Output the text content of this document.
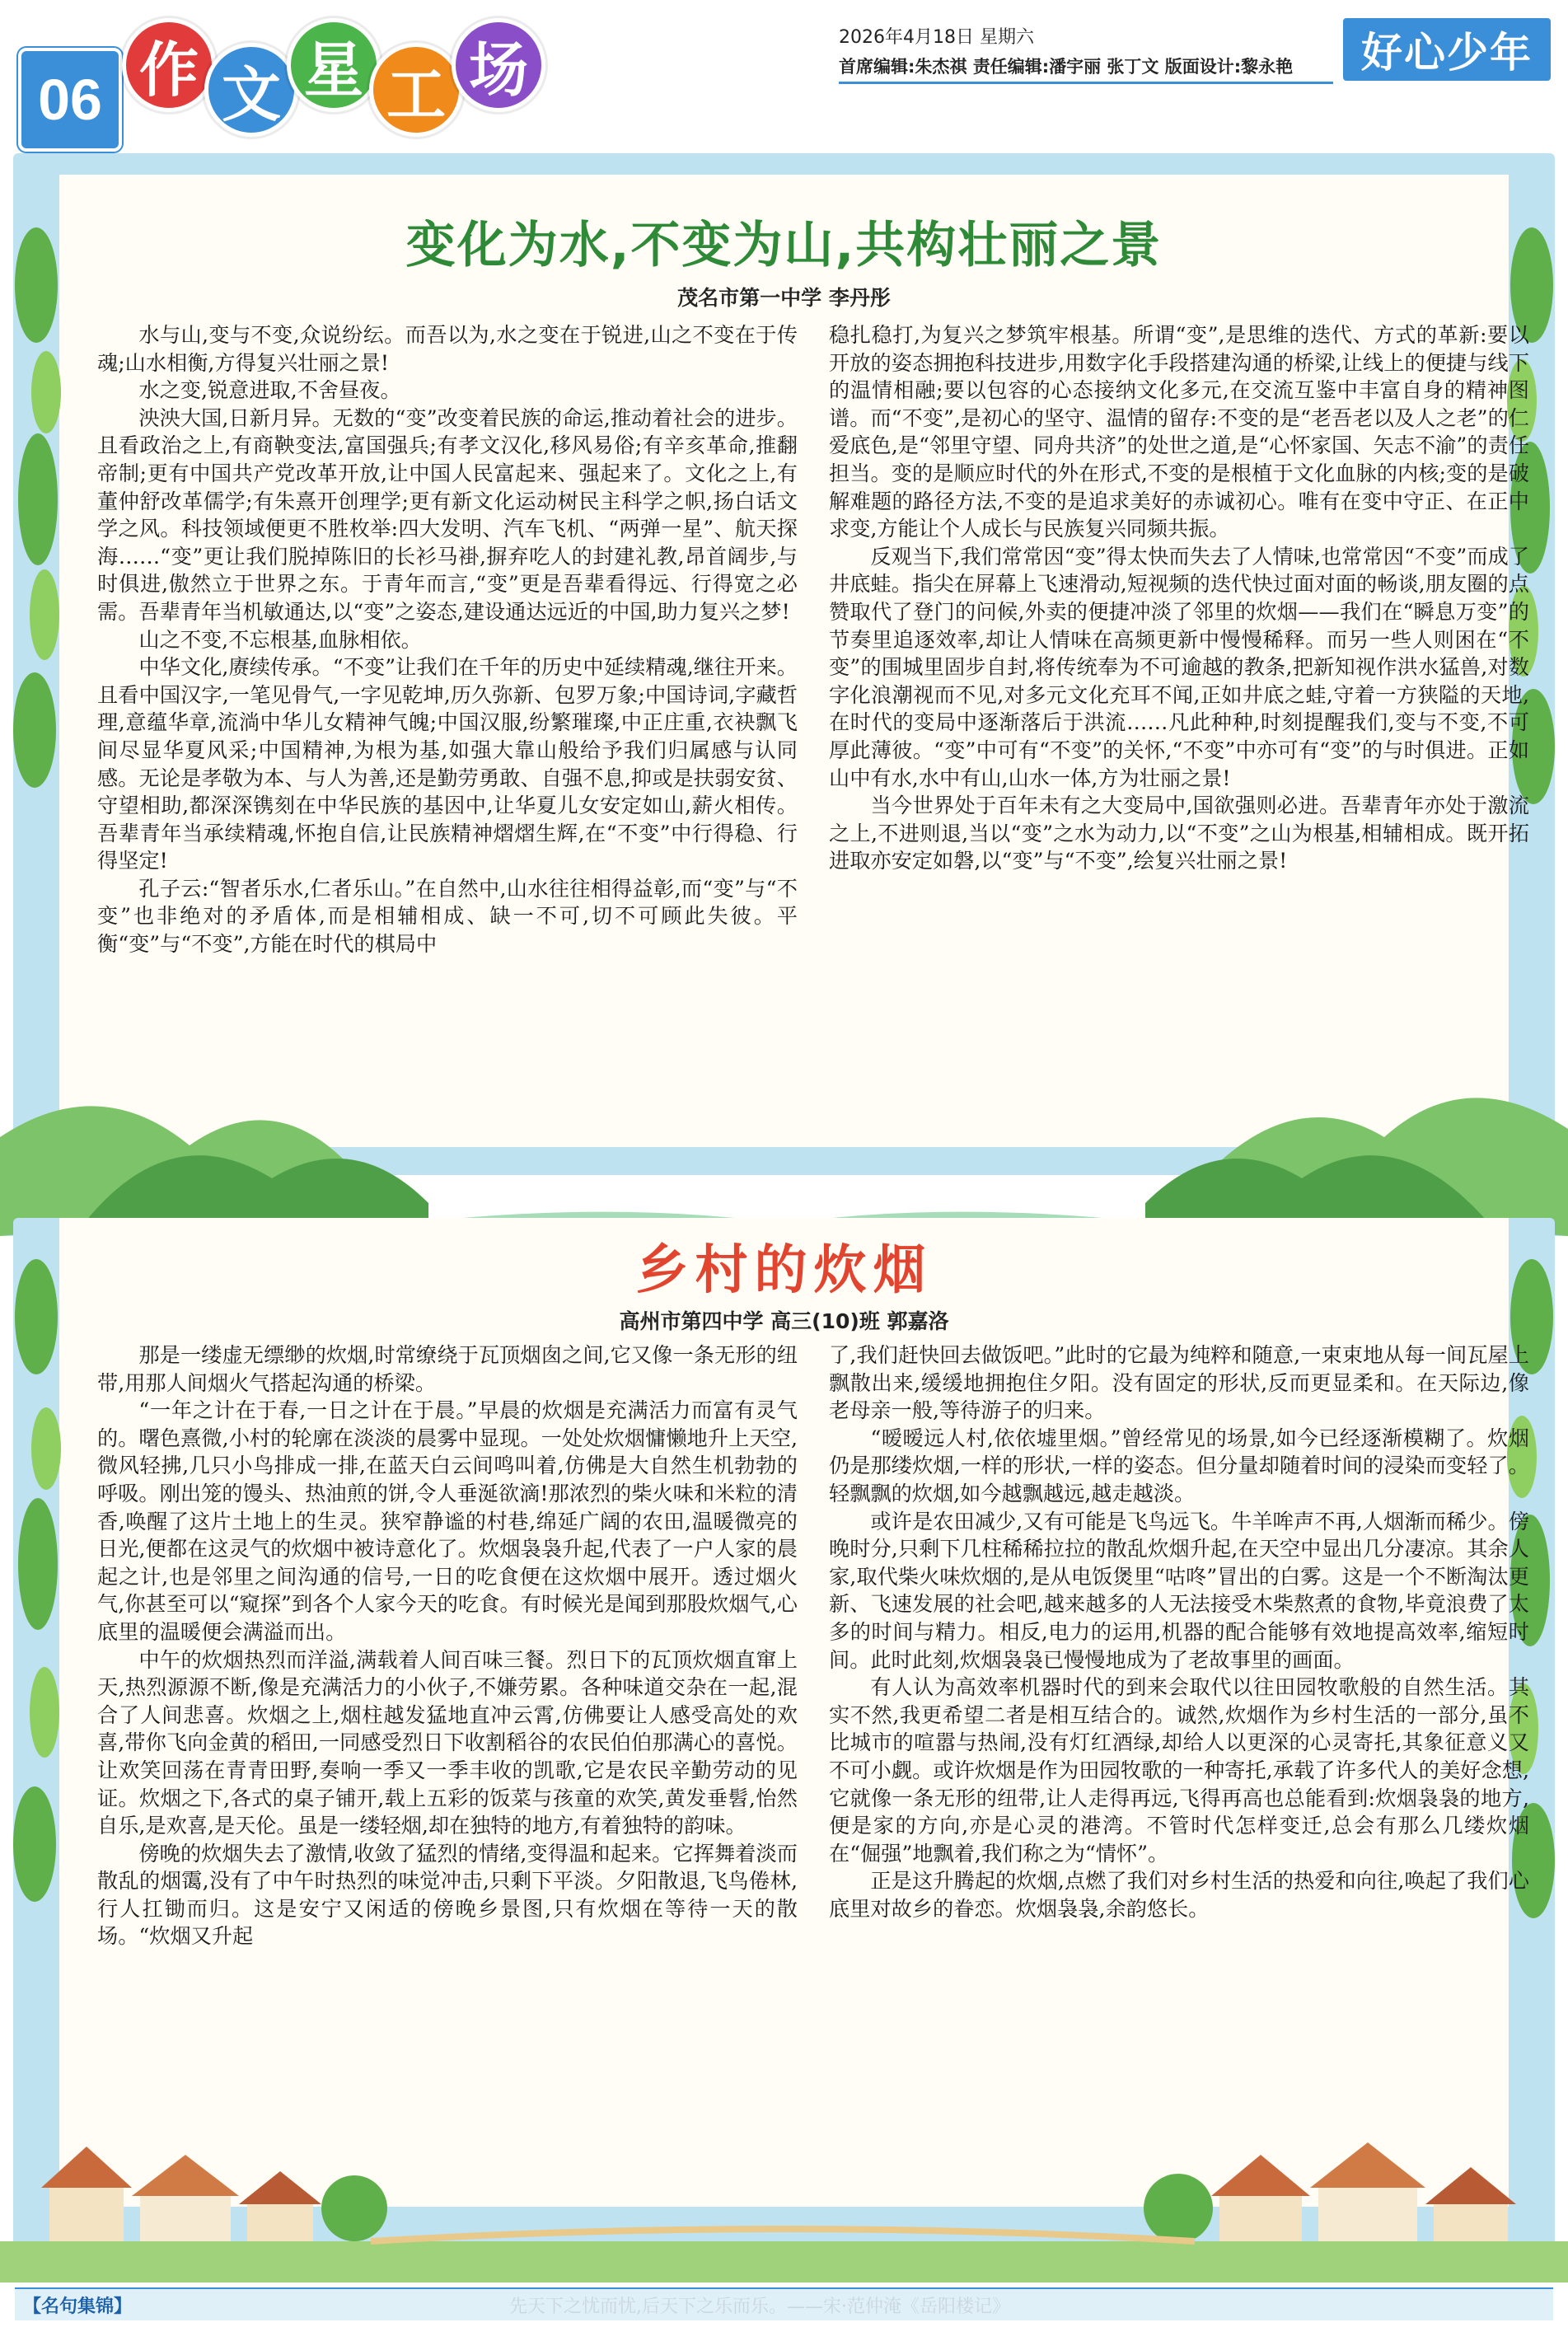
06 作 文 星 工 场	2026年4月18日 星期六
首席编辑:朱杰祺 责任编辑:潘宇丽 张丁文 版面设计:黎永艳	好心少年
变化为水,不变为山,共构壮丽之景
茂名市第一中学 李丹彤

水与山,变与不变,众说纷纭。而吾以为,水之变在于锐进,山之不变在于传魂;山水相衡,方得复兴壮丽之景!

水之变,锐意进取,不舍昼夜。

泱泱大国,日新月异。无数的“变”改变着民族的命运,推动着社会的进步。且看政治之上,有商鞅变法,富国强兵;有孝文汉化,移风易俗;有辛亥革命,推翻帝制;更有中国共产党改革开放,让中国人民富起来、强起来了。文化之上,有董仲舒改革儒学;有朱熹开创理学;更有新文化运动树民主科学之帜,扬白话文学之风。科技领域便更不胜枚举:四大发明、汽车飞机、“两弹一星”、航天探海……“变”更让我们脱掉陈旧的长衫马褂,摒弃吃人的封建礼教,昂首阔步,与时俱进,傲然立于世界之东。于青年而言,“变”更是吾辈看得远、行得宽之必需。吾辈青年当机敏通达,以“变”之姿态,建设通达远近的中国,助力复兴之梦!

山之不变,不忘根基,血脉相依。

中华文化,赓续传承。“不变”让我们在千年的历史中延续精魂,继往开来。且看中国汉字,一笔见骨气,一字见乾坤,历久弥新、包罗万象;中国诗词,字藏哲理,意蕴华章,流淌中华儿女精神气魄;中国汉服,纷繁璀璨,中正庄重,衣袂飘飞间尽显华夏风采;中国精神,为根为基,如强大靠山般给予我们归属感与认同感。无论是孝敬为本、与人为善,还是勤劳勇敢、自强不息,抑或是扶弱安贫、守望相助,都深深镌刻在中华民族的基因中,让华夏儿女安定如山,薪火相传。吾辈青年当承续精魂,怀抱自信,让民族精神熠熠生辉,在“不变”中行得稳、行得坚定!

孔子云:“智者乐水,仁者乐山。”在自然中,山水往往相得益彰,而“变”与“不变”也非绝对的矛盾体,而是相辅相成、缺一不可,切不可顾此失彼。平衡“变”与“不变”,方能在时代的棋局中

稳扎稳打,为复兴之梦筑牢根基。所谓“变”,是思维的迭代、方式的革新:要以开放的姿态拥抱科技进步,用数字化手段搭建沟通的桥梁,让线上的便捷与线下的温情相融;要以包容的心态接纳文化多元,在交流互鉴中丰富自身的精神图谱。而“不变”,是初心的坚守、温情的留存:不变的是“老吾老以及人之老”的仁爱底色,是“邻里守望、同舟共济”的处世之道,是“心怀家国、矢志不渝”的责任担当。变的是顺应时代的外在形式,不变的是根植于文化血脉的内核;变的是破解难题的路径方法,不变的是追求美好的赤诚初心。唯有在变中守正、在正中求变,方能让个人成长与民族复兴同频共振。

反观当下,我们常常因“变”得太快而失去了人情味,也常常因“不变”而成了井底蛙。指尖在屏幕上飞速滑动,短视频的迭代快过面对面的畅谈,朋友圈的点赞取代了登门的问候,外卖的便捷冲淡了邻里的炊烟——我们在“瞬息万变”的节奏里追逐效率,却让人情味在高频更新中慢慢稀释。而另一些人则困在“不变”的围城里固步自封,将传统奉为不可逾越的教条,把新知视作洪水猛兽,对数字化浪潮视而不见,对多元文化充耳不闻,正如井底之蛙,守着一方狭隘的天地,在时代的变局中逐渐落后于洪流……凡此种种,时刻提醒我们,变与不变,不可厚此薄彼。“变”中可有“不变”的关怀,“不变”中亦可有“变”的与时俱进。正如山中有水,水中有山,山水一体,方为壮丽之景!

当今世界处于百年未有之大变局中,国欲强则必进。吾辈青年亦处于激流之上,不进则退,当以“变”之水为动力,以“不变”之山为根基,相辅相成。既开拓进取亦安定如磐,以“变”与“不变”,绘复兴壮丽之景!

乡村的炊烟
高州市第四中学 高三(10)班 郭嘉洛

那是一缕虚无缥缈的炊烟,时常缭绕于瓦顶烟囱之间,它又像一条无形的纽带,用那人间烟火气搭起沟通的桥梁。

“一年之计在于春,一日之计在于晨。”早晨的炊烟是充满活力而富有灵气的。曙色熹微,小村的轮廓在淡淡的晨雾中显现。一处处炊烟慵懒地升上天空,微风轻拂,几只小鸟排成一排,在蓝天白云间鸣叫着,仿佛是大自然生机勃勃的呼吸。刚出笼的馒头、热油煎的饼,令人垂涎欲滴!那浓烈的柴火味和米粒的清香,唤醒了这片土地上的生灵。狭窄静谧的村巷,绵延广阔的农田,温暖微亮的日光,便都在这灵气的炊烟中被诗意化了。炊烟袅袅升起,代表了一户人家的晨起之计,也是邻里之间沟通的信号,一日的吃食便在这炊烟中展开。透过烟火气,你甚至可以“窥探”到各个人家今天的吃食。有时候光是闻到那股炊烟气,心底里的温暖便会满溢而出。

中午的炊烟热烈而洋溢,满载着人间百味三餐。烈日下的瓦顶炊烟直窜上天,热烈源源不断,像是充满活力的小伙子,不嫌劳累。各种味道交杂在一起,混合了人间悲喜。炊烟之上,烟柱越发猛地直冲云霄,仿佛要让人感受高处的欢喜,带你飞向金黄的稻田,一同感受烈日下收割稻谷的农民伯伯那满心的喜悦。让欢笑回荡在青青田野,奏响一季又一季丰收的凯歌,它是农民辛勤劳动的见证。炊烟之下,各式的桌子铺开,载上五彩的饭菜与孩童的欢笑,黄发垂髫,怡然自乐,是欢喜,是天伦。虽是一缕轻烟,却在独特的地方,有着独特的韵味。

傍晚的炊烟失去了激情,收敛了猛烈的情绪,变得温和起来。它挥舞着淡而散乱的烟霭,没有了中午时热烈的味觉冲击,只剩下平淡。夕阳散退,飞鸟倦林,行人扛锄而归。这是安宁又闲适的傍晚乡景图,只有炊烟在等待一天的散场。“炊烟又升起

了,我们赶快回去做饭吧。”此时的它最为纯粹和随意,一束束地从每一间瓦屋上飘散出来,缓缓地拥抱住夕阳。没有固定的形状,反而更显柔和。在天际边,像老母亲一般,等待游子的归来。

“暧暧远人村,依依墟里烟。”曾经常见的场景,如今已经逐渐模糊了。炊烟仍是那缕炊烟,一样的形状,一样的姿态。但分量却随着时间的浸染而变轻了。轻飘飘的炊烟,如今越飘越远,越走越淡。

或许是农田减少,又有可能是飞鸟远飞。牛羊哞声不再,人烟渐而稀少。傍晚时分,只剩下几柱稀稀拉拉的散乱炊烟升起,在天空中显出几分凄凉。其余人家,取代柴火味炊烟的,是从电饭煲里“咕咚”冒出的白雾。这是一个不断淘汰更新、飞速发展的社会吧,越来越多的人无法接受木柴熬煮的食物,毕竟浪费了太多的时间与精力。相反,电力的运用,机器的配合能够有效地提高效率,缩短时间。此时此刻,炊烟袅袅已慢慢地成为了老故事里的画面。

有人认为高效率机器时代的到来会取代以往田园牧歌般的自然生活。其实不然,我更希望二者是相互结合的。诚然,炊烟作为乡村生活的一部分,虽不比城市的喧嚣与热闹,没有灯红酒绿,却给人以更深的心灵寄托,其象征意义又不可小觑。或许炊烟是作为田园牧歌的一种寄托,承载了许多代人的美好念想,它就像一条无形的纽带,让人走得再远,飞得再高也总能看到:炊烟袅袅的地方,便是家的方向,亦是心灵的港湾。不管时代怎样变迁,总会有那么几缕炊烟在“倔强”地飘着,我们称之为“情怀”。

正是这升腾起的炊烟,点燃了我们对乡村生活的热爱和向往,唤起了我们心底里对故乡的眷恋。炊烟袅袅,余韵悠长。

【名句集锦】	先天下之忧而忧,后天下之乐而乐。——宋·范仲淹《岳阳楼记》
